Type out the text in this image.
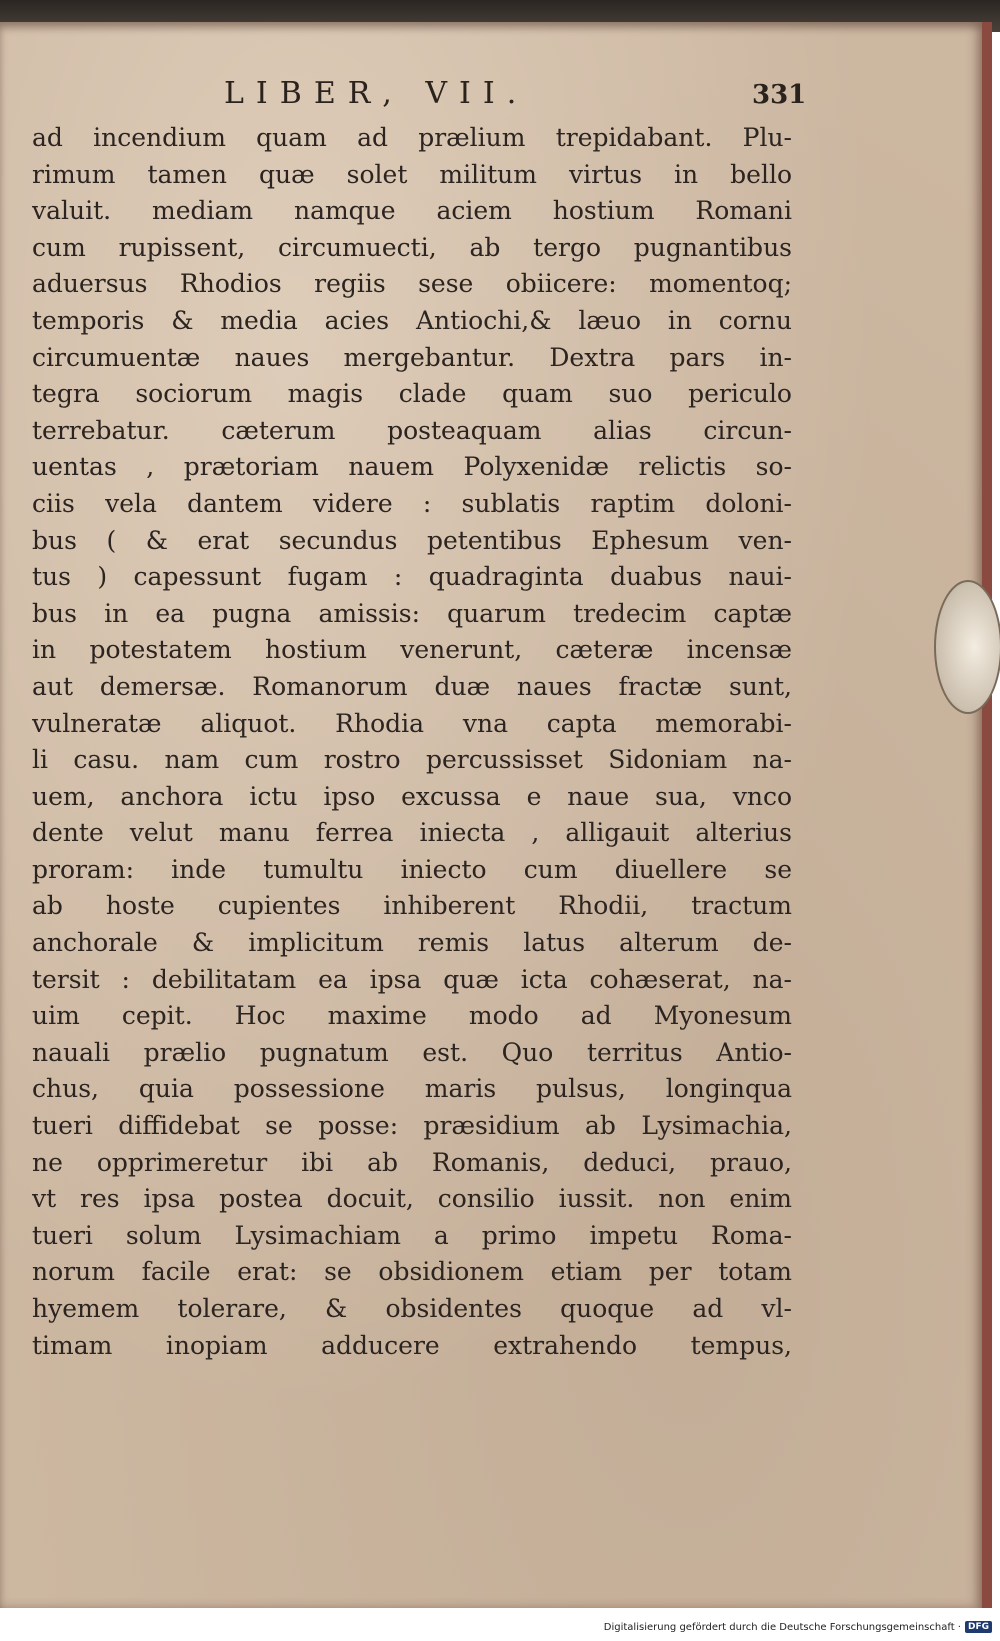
LIBER, VII.	331
ad incendium quam ad prælium trepidabant. Plu-
rimum tamen quæ solet militum virtus in bello
valuit. mediam namque aciem hostium Romani
cum rupissent, circumuecti, ab tergo pugnantibus
aduersus Rhodios regiis sese obiicere: momentoq;
temporis & media acies Antiochi,& læuo in cornu
circumuentæ naues mergebantur. Dextra pars in-
tegra sociorum magis clade quam suo periculo
terrebatur. cæterum posteaquam alias circun-
uentas , prætoriam nauem Polyxenidæ relictis so-
ciis vela dantem videre : sublatis raptim doloni-
bus ( & erat secundus petentibus Ephesum ven-
tus ) capessunt fugam : quadraginta duabus naui-
bus in ea pugna amissis: quarum tredecim captæ
in potestatem hostium venerunt, cæteræ incensæ
aut demersæ. Romanorum duæ naues fractæ sunt,
vulneratæ aliquot. Rhodia vna capta memorabi-
li casu. nam cum rostro percussisset Sidoniam na-
uem, anchora ictu ipso excussa e naue sua, vnco
dente velut manu ferrea iniecta , alligauit alterius
proram: inde tumultu iniecto cum diuellere se
ab hoste cupientes inhiberent Rhodii, tractum
anchorale & implicitum remis latus alterum de-
tersit : debilitatam ea ipsa quæ icta cohæserat, na-
uim cepit. Hoc maxime modo ad Myonesum
nauali prælio pugnatum est. Quo territus Antio-
chus, quia possessione maris pulsus, longinqua
tueri diffidebat se posse: præsidium ab Lysimachia,
ne opprimeretur ibi ab Romanis, deduci, prauo,
vt res ipsa postea docuit, consilio iussit. non enim
tueri solum Lysimachiam a primo impetu Roma-
norum facile erat: se obsidionem etiam per totam
hyemem tolerare, & obsidentes quoque ad vl-
timam inopiam adducere extrahendo tempus,
Digitalisierung gefördert durch die Deutsche Forschungsgemeinschaft · DFG
